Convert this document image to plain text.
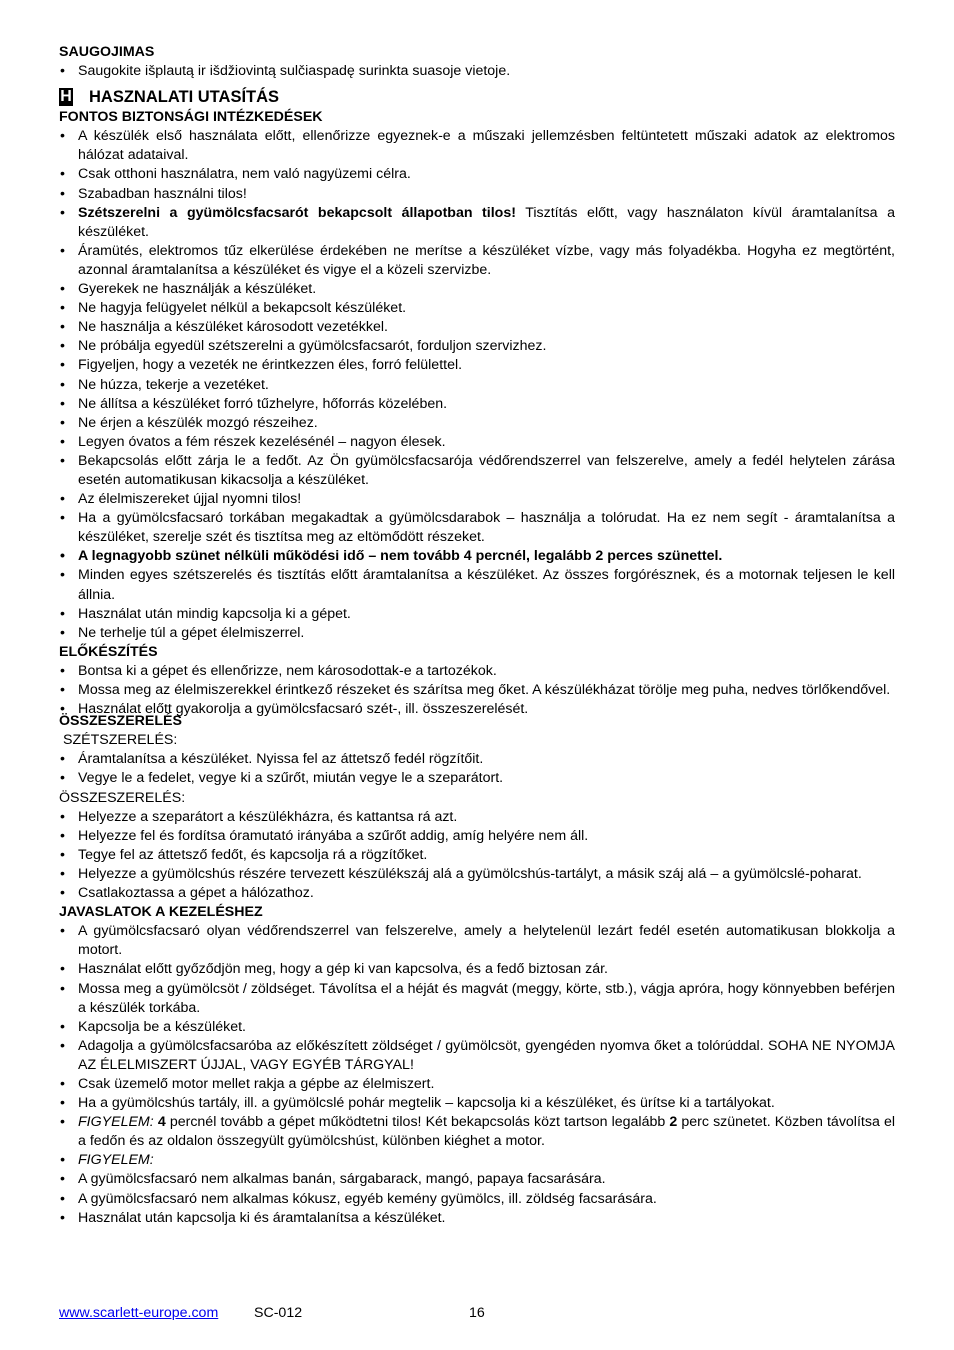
SAUGOJIMAS

• Saugokite išplautą ir išdžiovintą sulčiaspadę surinkta suasoje vietoje.
H HASZNALATI UTASÍTÁS

FONTOS BIZTONSÁGI INTÉZKEDÉSEK

• A készülék első használata előtt, ellenőrizze egyeznek-e a műszaki jellemzésben feltüntetett műszaki adatok az elektromos hálózat adataival.
• Csak otthoni használatra, nem való nagyüzemi célra.
• Szabadban használni tilos!
• Szétszerelni a gyümölcsfacsarót bekapcsolt állapotban tilos! Tisztítás előtt, vagy használaton kívül áramtalanítsa a készüléket.
• Áramütés, elektromos tűz elkerülése érdekében ne merítse a készüléket vízbe, vagy más folyadékba. Hogyha ez megtörtént, azonnal áramtalanítsa a készüléket és vigye el a közeli szervizbe.
• Gyerekek ne használják a készüléket.
• Ne hagyja felügyelet nélkül a bekapcsolt készüléket.
• Ne használja a készüléket károsodott vezetékkel.
• Ne próbálja egyedül szétszerelni a gyümölcsfacsarót, forduljon szervizhez.
• Figyeljen, hogy a vezeték ne érintkezzen éles, forró felülettel.
• Ne húzza, tekerje a vezetéket.
• Ne állítsa a készüléket forró tűzhelyre, hőforrás közelében.
• Ne érjen a készülék mozgó részeihez.
• Legyen óvatos a fém részek kezelésénél – nagyon élesek.
• Bekapcsolás előtt zárja le a fedőt. Az Ön gyümölcsfacsarója védőrendszerrel van felszerelve, amely a fedél helytelen zárása esetén automatikusan kikacsolja a készüléket.
• Az élelmiszereket újjal nyomni tilos!
• Ha a gyümölcsfacsaró torkában megakadtak a gyümölcsdarabok – használja a tolórudat. Ha ez nem segít - áramtalanítsa a készüléket, szerelje szét és tisztítsa meg az eltömődött részeket.
• A legnagyobb szünet nélküli működési idő – nem tovább 4 percnél, legalább 2 perces szünettel.
• Minden egyes szétszerelés és tisztítás előtt áramtalanítsa a készüléket. Az összes forgórésznek, és a motornak teljesen le kell állnia.
• Használat után mindig kapcsolja ki a gépet.
• Ne terhelje túl a gépet élelmiszerrel.

ELŐKÉSZÍTÉS

• Bontsa ki a gépet és ellenőrizze, nem károsodottak-e a tartozékok.
• Mossa meg az élelmiszerekkel érintkező részeket és szárítsa meg őket. A készülékházat törölje meg puha, nedves törlőkendővel.
• Használat előtt gyakorolja a gyümölcsfacsaró szét-, ill. összeszerelését.

ÖSSZESZERELÉS

SZÉTSZERELÉS:

• Áramtalanítsa a készüléket. Nyissa fel az áttetsző fedél rögzítőit.
• Vegye le a fedelet, vegye ki a szűrőt, miután vegye le a szeparátort.

ÖSSZESZERELÉS:

• Helyezze a szeparátort a készülékházra, és kattantsa rá azt.
• Helyezze fel és fordítsa óramutató irányába a szűrőt addig, amíg helyére nem áll.
• Tegye fel az áttetsző fedőt, és kapcsolja rá a rögzítőket.
• Helyezze a gyümölcshús részére tervezett készülékszáj alá a gyümölcshús-tartályt, a másik száj alá – a gyümölcslé-poharat.
• Csatlakoztassa a gépet a hálózathoz.

JAVASLATOK A KEZELÉSHEZ

• A gyümölcsfacsaró olyan védőrendszerrel van felszerelve, amely a helytelenül lezárt fedél esetén automatikusan blokkolja a motort.
• Használat előtt győződjön meg, hogy a gép ki van kapcsolva, és a fedő biztosan zár.
• Mossa meg a gyümölcsöt / zöldséget. Távolítsa el a héját és magvát (meggy, körte, stb.), vágja apróra, hogy könnyebben beférjen a készülék torkába.
• Kapcsolja be a készüléket.
• Adagolja a gyümölcsfacsaróba az előkészített zöldséget / gyümölcsöt, gyengéden nyomva őket a tolórúddal. SOHA NE NYOMJA AZ ÉLELMISZERT ÚJJAL, VAGY EGYÉB TÁRGYAL!
• Csak üzemelő motor mellet rakja a gépbe az élelmiszert.
• Ha a gyümölcshús tartály, ill. a gyümölcslé pohár megtelik – kapcsolja ki a készüléket, és ürítse ki a tartályokat.
• FIGYELEM: 4 percnél tovább a gépet működtetni tilos! Két bekapcsolás közt tartson legalább 2 perc szünetet. Közben távolítsa el a fedőn és az oldalon összegyült gyümölcshúst, különben kiéghet a motor.
• FIGYELEM:
• A gyümölcsfacsaró nem alkalmas banán, sárgabarack, mangó, papaya facsarására.
• A gyümölcsfacsaró nem alkalmas kókusz, egyéb kemény gyümölcs, ill. zöldség facsarására.
• Használat után kapcsolja ki és áramtalanítsa a készüléket.
www.scarlett-europe.com	SC-012	16
